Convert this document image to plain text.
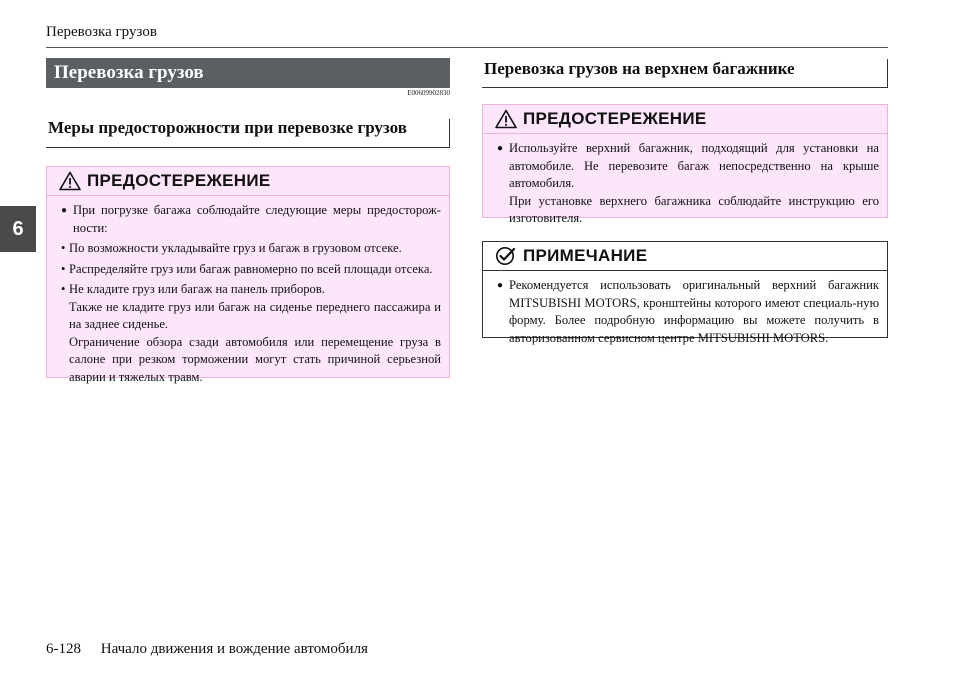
Перевозка грузов
6
Перевозка грузов
E00609902830
Меры предосторожности при перевозке грузов
ПРЕДОСТЕРЕЖЕНИЕ
● При погрузке багажа соблюдайте следующие меры предосторож-ности:
• По возможности укладывайте груз и багаж в грузовом отсеке.
• Распределяйте груз или багаж равномерно по всей площади отсека.
• Не кладите груз или багаж на панель приборов.

Также не кладите груз или багаж на сиденье переднего пассажира и на заднее сиденье.

Ограничение обзора сзади автомобиля или перемещение груза в салоне при резком торможении могут стать причиной серьезной аварии и тяжелых травм.

Перевозка грузов на верхнем багажнике
ПРЕДОСТЕРЕЖЕНИЕ
● Используйте верхний багажник, подходящий для установки на автомобиле. Не перевозите багаж непосредственно на крыше автомобиля.

При установке верхнего багажника соблюдайте инструкцию его изготовителя.

ПРИМЕЧАНИЕ
● Рекомендуется использовать оригинальный верхний багажник MITSUBISHI MOTORS, кронштейны которого имеют специаль-ную форму. Более подробную информацию вы можете получить в авторизованном сервисном центре MITSUBISHI MOTORS.
6-128 Начало движения и вождение автомобиля
